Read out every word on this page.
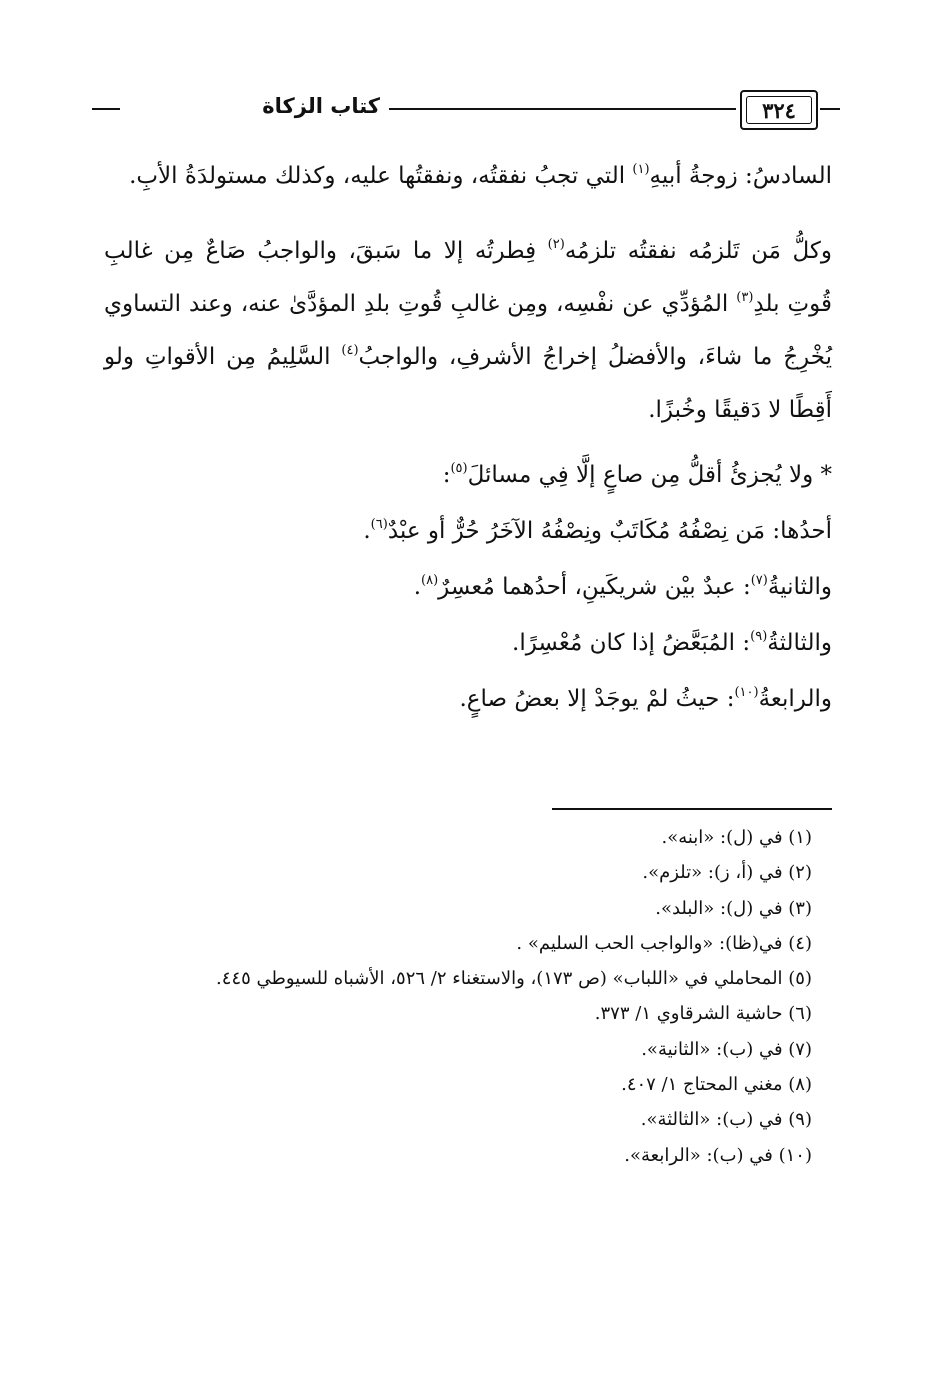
٣٢٤
كتاب الزكاة

السادسُ: زوجةُ أبيهِ$^{(١)}$ التي تجبُ نفقتُه، ونفقتُها عليه، وكذلك مستولدَةُ الأبِ.

وكلُّ مَن تَلزمُه نفقتُه تلزمُه$^{(٢)}$ فِطرتُه إلا ما سَبقَ، والواجبُ صَاعٌ مِن غالبِ قُوتِ بلدِ$^{(٣)}$ المُؤدِّي عن نفْسِه، ومِن غالبِ قُوتِ بلدِ المؤدَّىٰ عنه، وعند التساوي يُخْرِجُ ما شاءَ، والأفضلُ إخراجُ الأشرفِ، والواجبُ$^{(٤)}$ السَّلِيمُ مِن الأقواتِ ولو أَقِطًا لا دَقيقًا وخُبزًا.

* ولا يُجزئُ أقلُّ مِن صاعٍ إلَّا فِي مسائلَ$^{(٥)}$:

أحدُها: مَن نِصْفُهُ مُكَاتَبٌ ونِصْفُهُ الآخَرُ حُرٌّ أو عبْدٌ$^{(٦)}$.

والثانيةُ$^{(٧)}$: عبدٌ بيْن شريكَينِ، أحدُهما مُعسِرٌ$^{(٨)}$.

والثالثةُ$^{(٩)}$: المُبَعَّضُ إذا كان مُعْسِرًا.

والرابعةُ$^{(١٠)}$: حيثُ لمْ يوجَدْ إلا بعضُ صاعٍ.

(١) في (ل): «ابنه».

(٢) في (أ، ز): «تلزم».

(٣) في (ل): «البلد».

(٤) في(ظا): «والواجب الحب السليم» .

(٥) المحاملي في «اللباب» (ص ١٧٣)، والاستغناء ٢/ ٥٢٦، الأشباه للسيوطي ٤٤٥.

(٦) حاشية الشرقاوي ١/ ٣٧٣.

(٧) في (ب): «الثانية».

(٨) مغني المحتاج ١/ ٤٠٧.

(٩) في (ب): «الثالثة».

(١٠) في (ب): «الرابعة».
